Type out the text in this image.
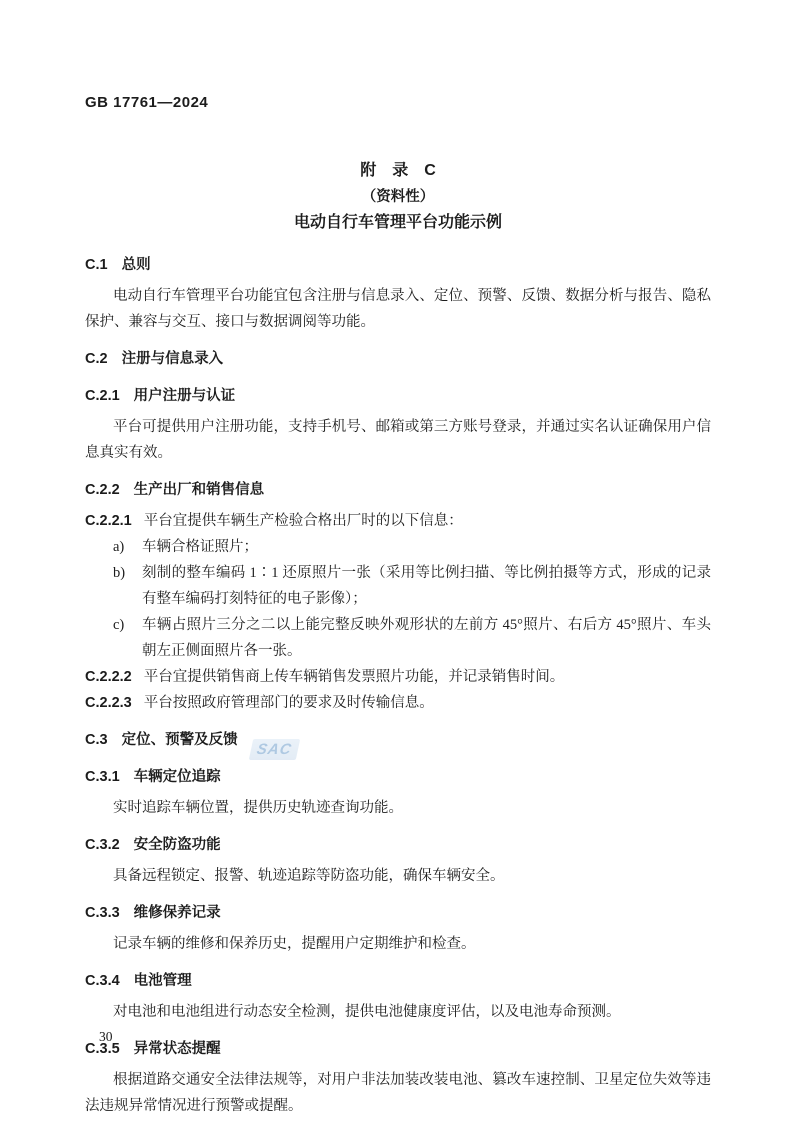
GB 17761—2024
附　录　C
（资料性）
电动自行车管理平台功能示例
C.1 总则

电动自行车管理平台功能宜包含注册与信息录入、定位、预警、反馈、数据分析与报告、隐私保护、兼容与交互、接口与数据调阅等功能。

C.2 注册与信息录入
C.2.1 用户注册与认证

平台可提供用户注册功能，支持手机号、邮箱或第三方账号登录，并通过实名认证确保用户信息真实有效。

C.2.2 生产出厂和销售信息

C.2.2.1 平台宜提供车辆生产检验合格出厂时的以下信息：

a) 车辆合格证照片；
b) 刻制的整车编码 1∶1 还原照片一张（采用等比例扫描、等比例拍摄等方式，形成的记录有整车编码打刻特征的电子影像）；
c) 车辆占照片三分之二以上能完整反映外观形状的左前方 45°照片、右后方 45°照片、车头朝左正侧面照片各一张。

C.2.2.2 平台宜提供销售商上传车辆销售发票照片功能，并记录销售时间。

C.2.2.3 平台按照政府管理部门的要求及时传输信息。

C.3 定位、预警及反馈
C.3.1 车辆定位追踪

实时追踪车辆位置，提供历史轨迹查询功能。

C.3.2 安全防盗功能

具备远程锁定、报警、轨迹追踪等防盗功能，确保车辆安全。

C.3.3 维修保养记录

记录车辆的维修和保养历史，提醒用户定期维护和检查。

C.3.4 电池管理

对电池和电池组进行动态安全检测，提供电池健康度评估，以及电池寿命预测。

C.3.5 异常状态提醒

根据道路交通安全法律法规等，对用户非法加装改装电池、篡改车速控制、卫星定位失效等违法违规异常情况进行预警或提醒。

SAC
30
